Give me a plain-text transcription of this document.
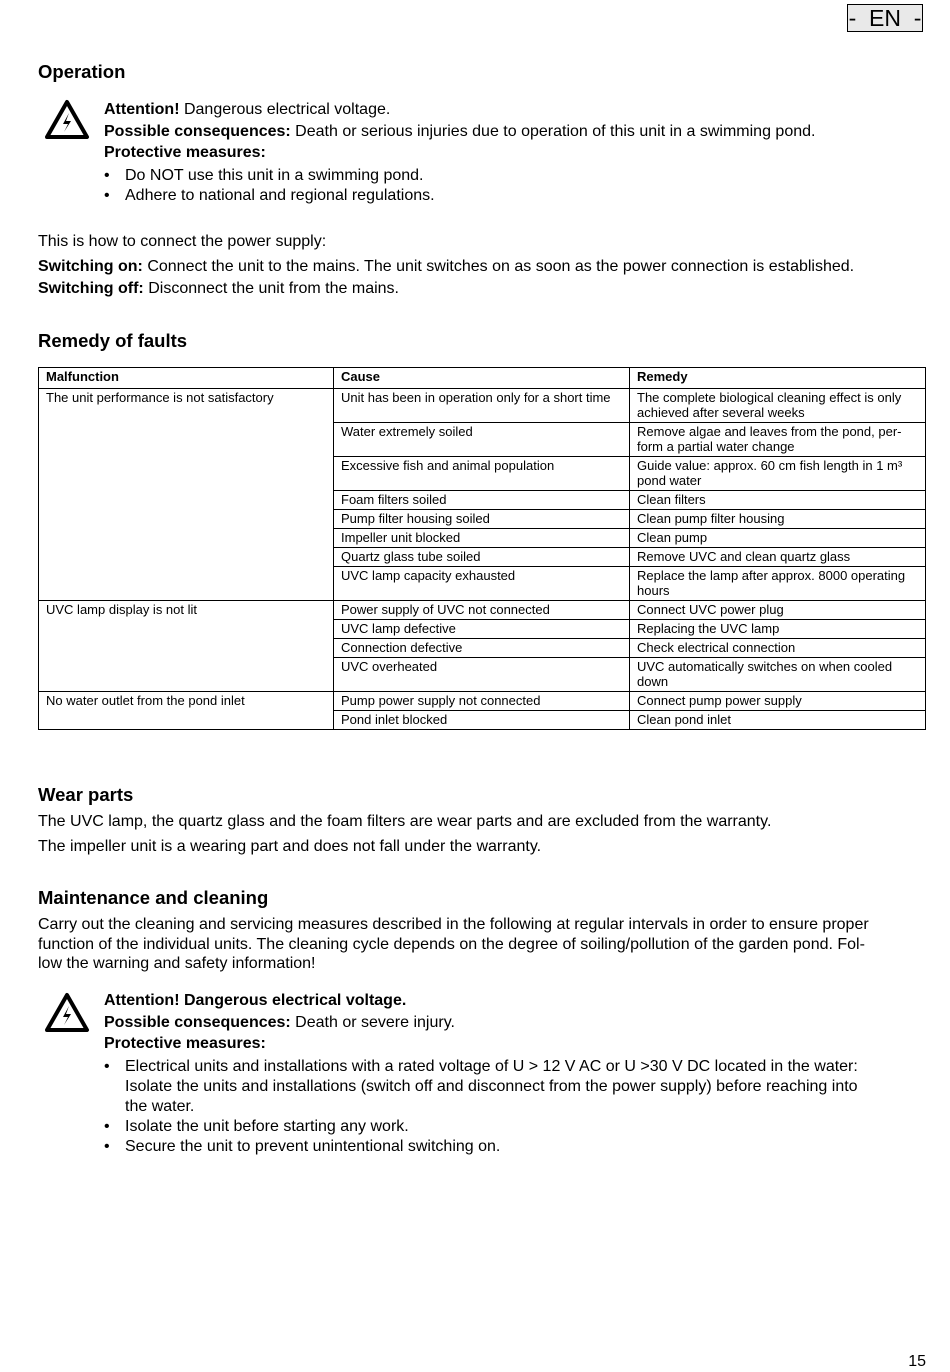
-  EN  -
Operation
Attention! Dangerous electrical voltage.
Possible consequences: Death or serious injuries due to operation of this unit in a swimming pond.
Protective measures:
• Do NOT use this unit in a swimming pond.
• Adhere to national and regional regulations.
This is how to connect the power supply:
Switching on: Connect the unit to the mains. The unit switches on as soon as the power connection is established.
Switching off: Disconnect the unit from the mains.
Remedy of faults
Malfunction	Cause	Remedy
The unit performance is not satisfactory	Unit has been in operation only for a short time	The complete biological cleaning effect is only achieved after several weeks
	Water extremely soiled	Remove algae and leaves from the pond, per-form a partial water change
	Excessive fish and animal population	Guide value: approx. 60 cm fish length in 1 m³ pond water
	Foam filters soiled	Clean filters
	Pump filter housing soiled	Clean pump filter housing
	Impeller unit blocked	Clean pump
	Quartz glass tube soiled	Remove UVC and clean quartz glass
	UVC lamp capacity exhausted	Replace the lamp after approx. 8000 operating hours
UVC lamp display is not lit	Power supply of UVC not connected	Connect UVC power plug
	UVC lamp defective	Replacing the UVC lamp
	Connection defective	Check electrical connection
	UVC overheated	UVC automatically switches on when cooled down
No water outlet from the pond inlet	Pump power supply not connected	Connect pump power supply
	Pond inlet blocked	Clean pond inlet
Wear parts
The UVC lamp, the quartz glass and the foam filters are wear parts and are excluded from the warranty.
The impeller unit is a wearing part and does not fall under the warranty.
Maintenance and cleaning
Carry out the cleaning and servicing measures described in the following at regular intervals in order to ensure proper
function of the individual units. The cleaning cycle depends on the degree of soiling/pollution of the garden pond. Fol-
low the warning and safety information!
Attention! Dangerous electrical voltage.
Possible consequences: Death or severe injury.
Protective measures:
• Electrical units and installations with a rated voltage of U > 12 V AC or U >30 V DC located in the water:
Isolate the units and installations (switch off and disconnect from the power supply) before reaching into
the water.
• Isolate the unit before starting any work.
• Secure the unit to prevent unintentional switching on.
15
